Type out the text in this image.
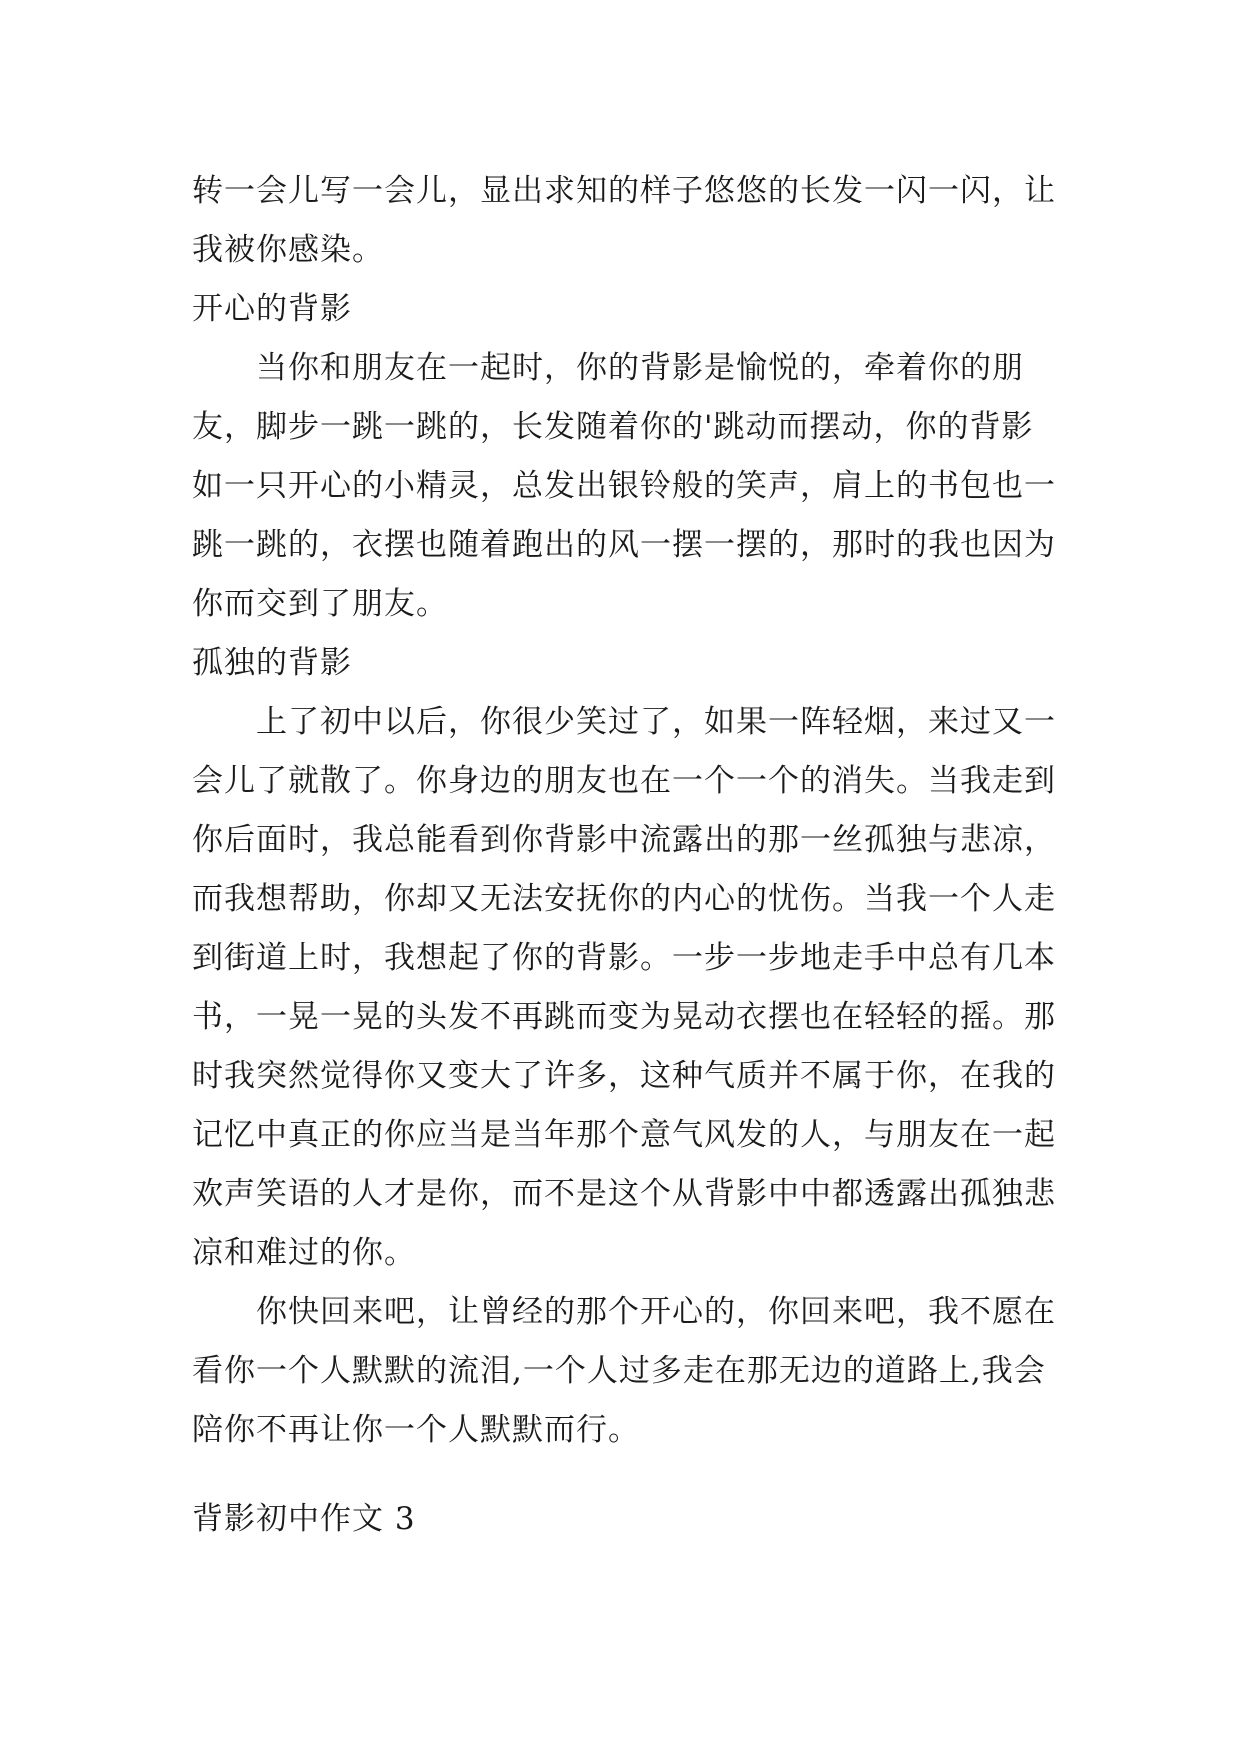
转一会儿写一会儿，显出求知的样子悠悠的长发一闪一闪，让我被你感染。

开心的背影

当你和朋友在一起时，你的背影是愉悦的，牵着你的朋友，脚步一跳一跳的，长发随着你的'跳动而摆动，你的背影如一只开心的小精灵，总发出银铃般的笑声，肩上的书包也一跳一跳的，衣摆也随着跑出的风一摆一摆的，那时的我也因为你而交到了朋友。

孤独的背影

上了初中以后，你很少笑过了，如果一阵轻烟，来过又一会儿了就散了。你身边的朋友也在一个一个的消失。当我走到你后面时，我总能看到你背影中流露出的那一丝孤独与悲凉，而我想帮助，你却又无法安抚你的内心的忧伤。当我一个人走到街道上时，我想起了你的背影。一步一步地走手中总有几本书，一晃一晃的头发不再跳而变为晃动衣摆也在轻轻的摇。那时我突然觉得你又变大了许多，这种气质并不属于你，在我的记忆中真正的你应当是当年那个意气风发的人，与朋友在一起欢声笑语的人才是你，而不是这个从背影中中都透露出孤独悲凉和难过的你。

你快回来吧，让曾经的那个开心的，你回来吧，我不愿在看你一个人默默的流泪,一个人过多走在那无边的道路上,我会陪你不再让你一个人默默而行。

背影初中作文 3
